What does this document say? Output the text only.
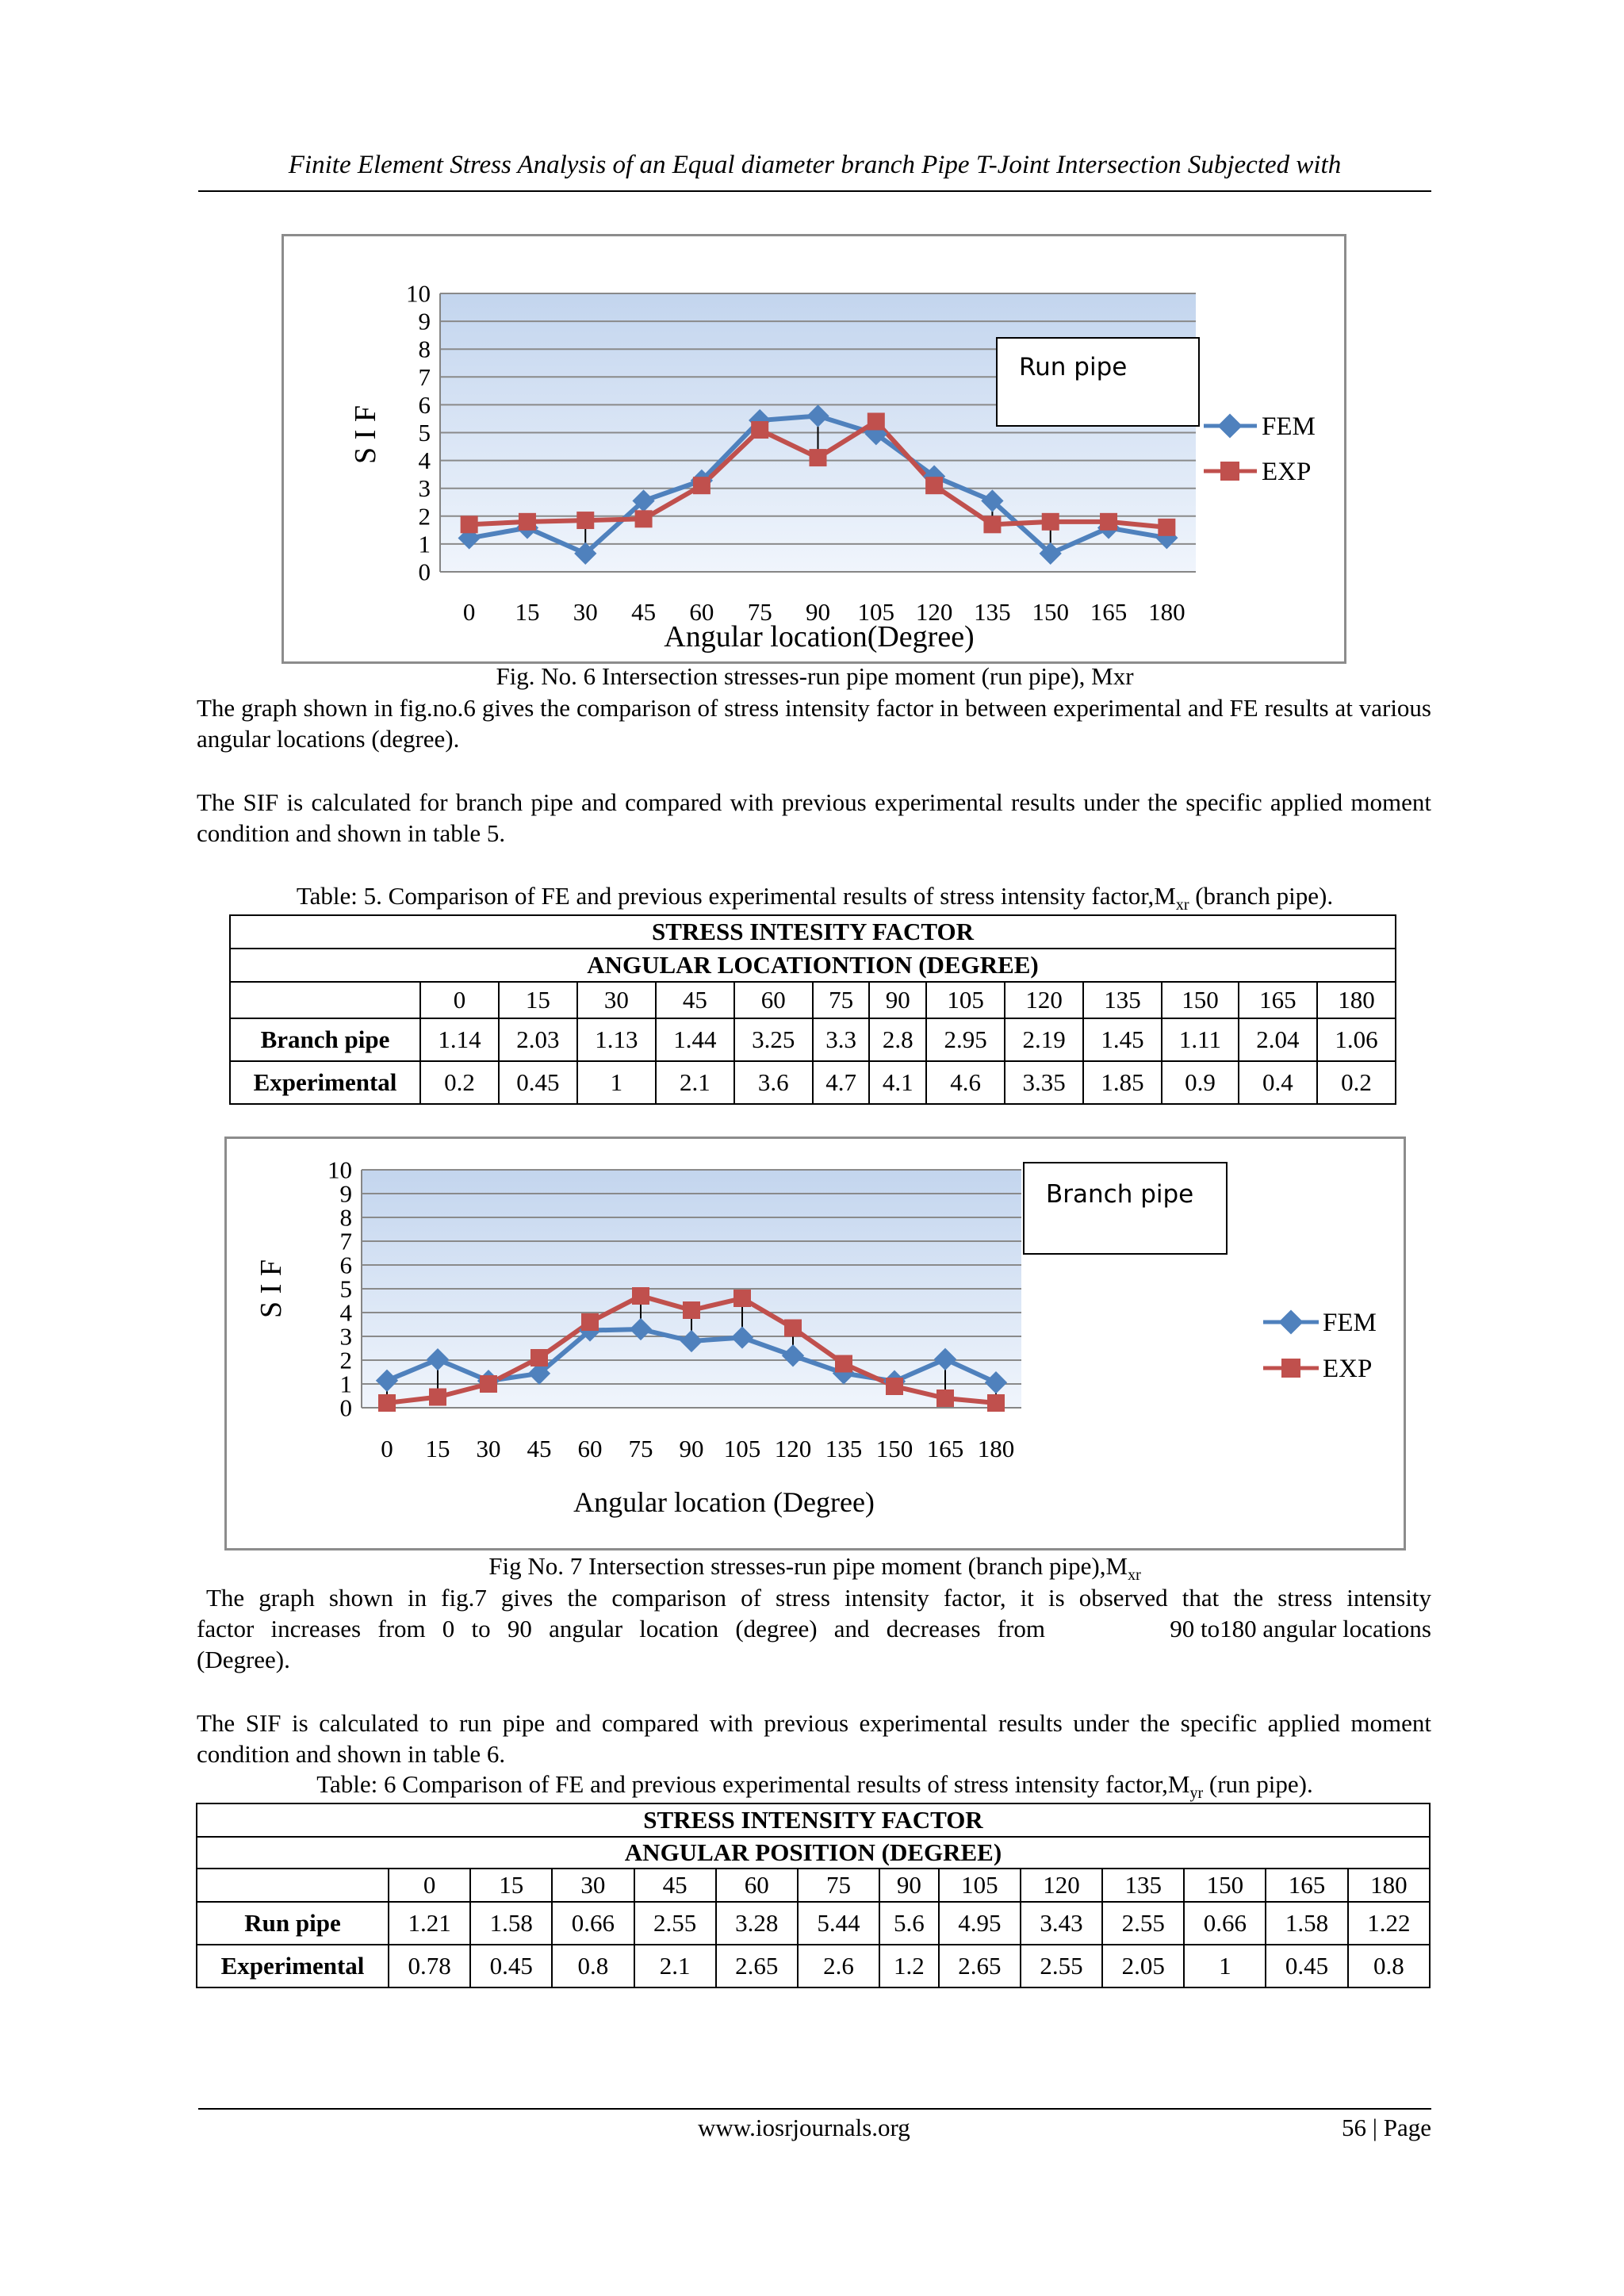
Finite Element Stress Analysis of an Equal diameter branch Pipe T-Joint Intersection Subjected with
0
1
2
3
4
5
6
7
8
9
10
0 15 30 45 60 75 90 105 120 135 150 165 180
S I F
Angular location(Degree)
Run pipe
FEM
EXP
Fig. No. 6 Intersection stresses-run pipe moment (run pipe), Mxr
The graph shown in fig.no.6 gives the comparison of stress intensity factor in between experimental and FE results at various angular locations (degree).
The SIF is calculated for branch pipe and compared with previous experimental results under the specific applied moment condition and shown in table 5.
Table: 5. Comparison of FE and previous experimental results of stress intensity $factor,M_{xr}$ (branch pipe).
STRESS INTESITY FACTOR													
ANGULAR LOCATIONTION (DEGREE)													
	0	15	30	45	60	75	90	105	120	135	150	165	180
Branch pipe	1.14	2.03	1.13	1.44	3.25	3.3	2.8	2.95	2.19	1.45	1.11	2.04	1.06
Experimental	0.2	0.45	1	2.1	3.6	4.7	4.1	4.6	3.35	1.85	0.9	0.4	0.2
0
1
2
3
4
5
6
7
8
9
10
0 15 30 45 60 75 90 105 120 135 150 165 180
S I F
Angular location (Degree)
Branch pipe
FEM
EXP
Fig No. 7 Intersection stresses-run pipe moment (branch $pipe),M_{xr}$
The graph shown in fig.7 gives the comparison of stress intensity factor, it is observed that the stress intensity
factor increases from 0 to 90 angular location (degree) and decreases from	90 to180 angular locations
(Degree).
The SIF is calculated to run pipe and compared with previous experimental results under the specific applied moment condition and shown in table 6.
Table: 6 Comparison of FE and previous experimental results of stress intensity $factor,M_{yr}$ (run pipe).
STRESS INTENSITY FACTOR													
ANGULAR POSITION (DEGREE)													
	0	15	30	45	60	75	90	105	120	135	150	165	180
Run pipe	1.21	1.58	0.66	2.55	3.28	5.44	5.6	4.95	3.43	2.55	0.66	1.58	1.22
Experimental	0.78	0.45	0.8	2.1	2.65	2.6	1.2	2.65	2.55	2.05	1	0.45	0.8
www.iosrjournals.org	56 | Page
